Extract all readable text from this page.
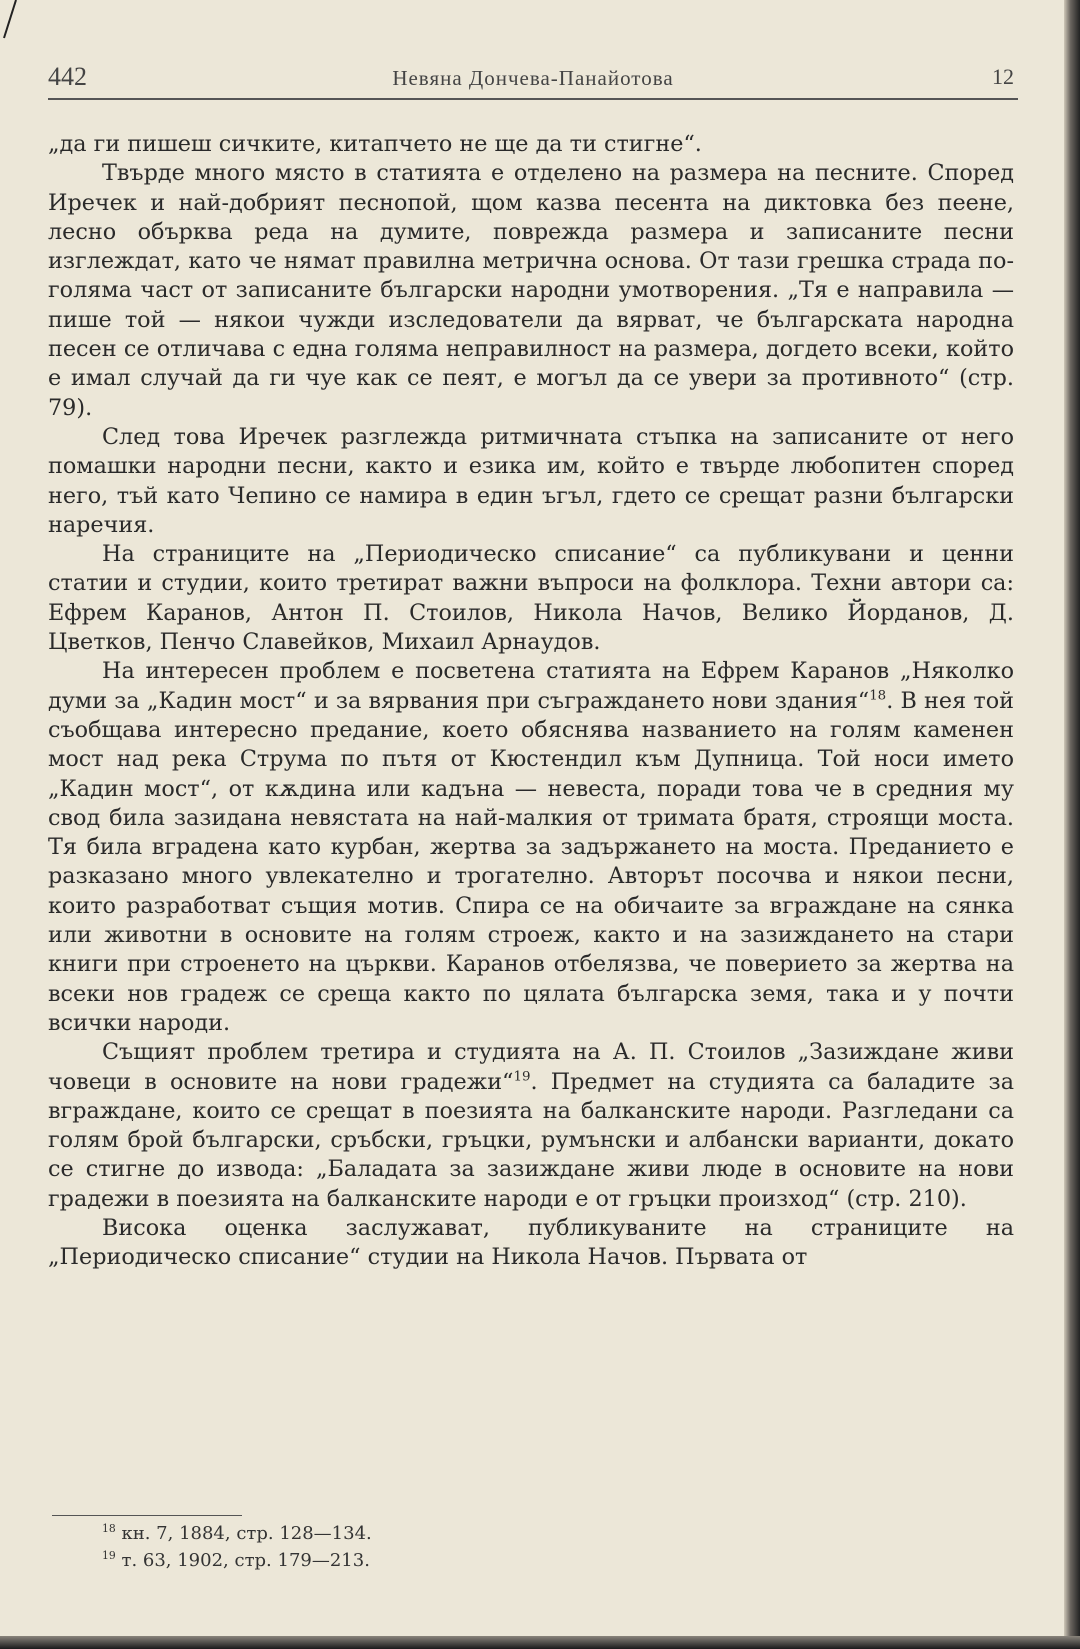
442	Невяна Дончева-Панайотова	12

„да ги пишеш сичките, китапчето не ще да ти стигне“.

Твърде много място в статията е отделено на размера на песните. Според Иречек и най-добрият песнопой, щом казва песента на диктовка без пеене, лесно обърква реда на думите, поврежда размера и записаните песни изглеждат, като че нямат правилна метрична основа. От тази грешка страда по-голяма част от записаните български народни умотворения. „Тя е направила — пише той — някои чужди изследователи да вярват, че българската народна песен се отличава с една голяма неправилност на размера, догдето всеки, който е имал случай да ги чуе как се пеят, е могъл да се увери за противното“ (стр. 79).

След това Иречек разглежда ритмичната стъпка на записаните от него помашки народни песни, както и езика им, който е твърде любопитен според него, тъй като Чепино се намира в един ъгъл, гдето се срещат разни български наречия.

На страниците на „Периодическо списание“ са публикувани и ценни статии и студии, които третират важни въпроси на фолклора. Техни автори са: Ефрем Каранов, Антон П. Стоилов, Никола Начов, Велико Йорданов, Д. Цветков, Пенчо Славейков, Михаил Арнаудов.

На интересен проблем е посветена статията на Ефрем Каранов „Няколко думи за „Кадин мост“ и за вярвания при съграждането нови здания“$^{18}$. В нея той съобщава интересно предание, което обяснява названието на голям каменен мост над река Струма по пътя от Кюстендил към Дупница. Той носи името „Кадин мост“, от кѫдина или кадъна — невеста, поради това че в средния му свод била зазидана невястата на най-малкия от тримата братя, строящи моста. Тя била вградена като курбан, жертва за задържането на моста. Преданието е разказано много увлекателно и трогателно. Авторът посочва и някои песни, които разработват същия мотив. Спира се на обичаите за вграждане на сянка или животни в основите на голям строеж, както и на зазиждането на стари книги при строенето на църкви. Каранов отбелязва, че поверието за жертва на всеки нов градеж се среща както по цялата българска земя, така и у почти всички народи.

Същият проблем третира и студията на А. П. Стоилов „Зазиждане живи човеци в основите на нови градежи“$^{19}$. Предмет на студията са баладите за вграждане, които се срещат в поезията на балканските народи. Разгледани са голям брой български, сръбски, гръцки, румънски и албански варианти, докато се стигне до извода: „Баладата за зазиждане живи люде в основите на нови градежи в поезията на балканските народи е от гръцки произход“ (стр. 210).

Висока оценка заслужават, публикуваните на страниците на „Периодическо списание“ студии на Никола Начов. Първата от

$^{18}$ кн. 7, 1884, стр. 128—134.

$^{19}$ т. 63, 1902, стр. 179—213.
